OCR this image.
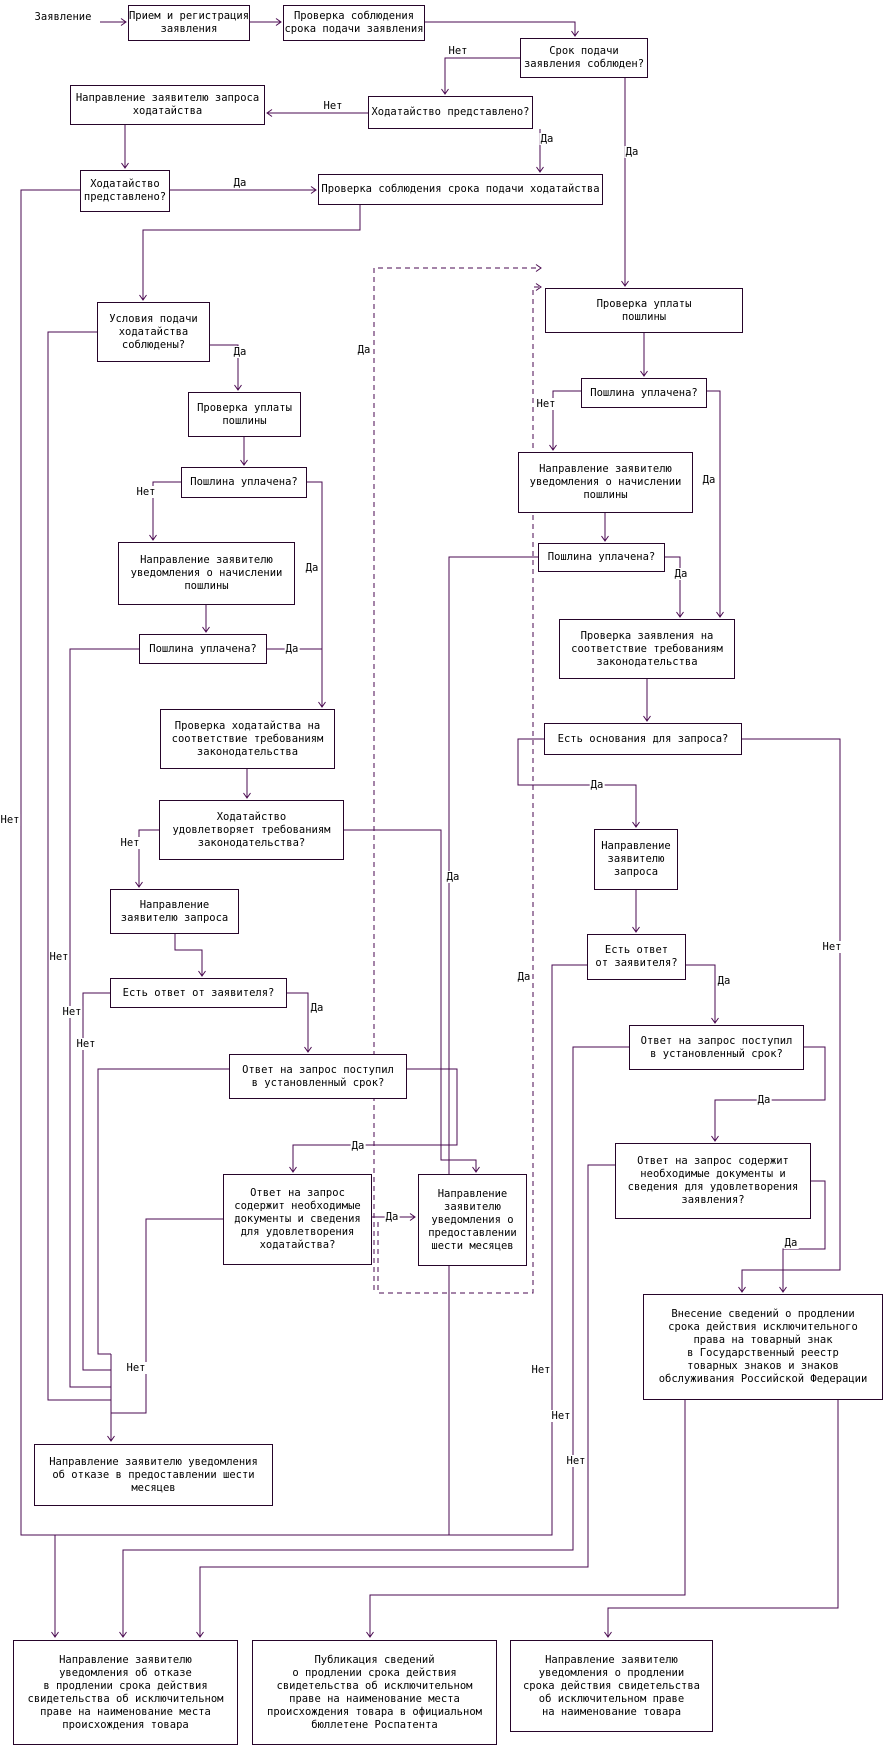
Заявление
Нет
Да
Нет
Да
Да
Нет
Да
Нет
Да
Да
Нет
Нет
Да
Да
Нет
Да
Нет
Нет
Да
Нет
Да
Да
Нет
Нет
Нет
Да
Да
Да
Да
Нет
Да
Да
Прием и регистрация
заявления
Проверка соблюдения
срока подачи заявления
Срок подачи
заявления соблюден?
Направление заявителю запроса
ходатайства	Ходатайство представлено?
Ходатайство
представлено?
Проверка соблюдения срока подачи ходатайства
Условия подачи
ходатайства
соблюдены?
Проверка уплаты
пошлины
Пошлина уплачена?
Направление заявителю
уведомления о начислении
пошлины
Пошлина уплачена?
Проверка ходатайства на
соответствие требованиям
законодательства
Ходатайство
удовлетворяет требованиям
законодательства?
Направление
заявителю запроса
Есть ответ от заявителя?
Ответ на запрос поступил
в установленный срок?
Ответ на запрос
содержит необходимые
документы и сведения
для удовлетворения
ходатайства?
Направление
заявителю
уведомления о
предоставлении
шести месяцев
Проверка уплаты
пошлины
Пошлина уплачена?
Направление заявителю
уведомления о начислении
пошлины
Пошлина уплачена?
Проверка заявления на
соответствие требованиям
законодательства
Есть основания для запроса?
Направление
заявителю
запроса
Есть ответ
от заявителя?
Ответ на запрос поступил
в установленный срок?
Ответ на запрос содержит
необходимые документы и
сведения для удовлетворения
заявления?
Внесение сведений о продлении
срока действия исключительного
права на товарный знак
в Государственный реестр
товарных знаков и знаков
обслуживания Российской Федерации
Направление заявителю уведомления
об отказе в предоставлении шести
месяцев
Направление заявителю
уведомления об отказе
в продлении срока действия
свидетельства об исключительном
праве на наименование места
происхождения товара
Публикация сведений
о продлении срока действия
свидетельства об исключительном
праве на наименование места
происхождения товара в официальном
бюллетене Роспатента
Направление заявителю
уведомления о продлении
срока действия свидетельства
об исключительном праве
на наименование товара
